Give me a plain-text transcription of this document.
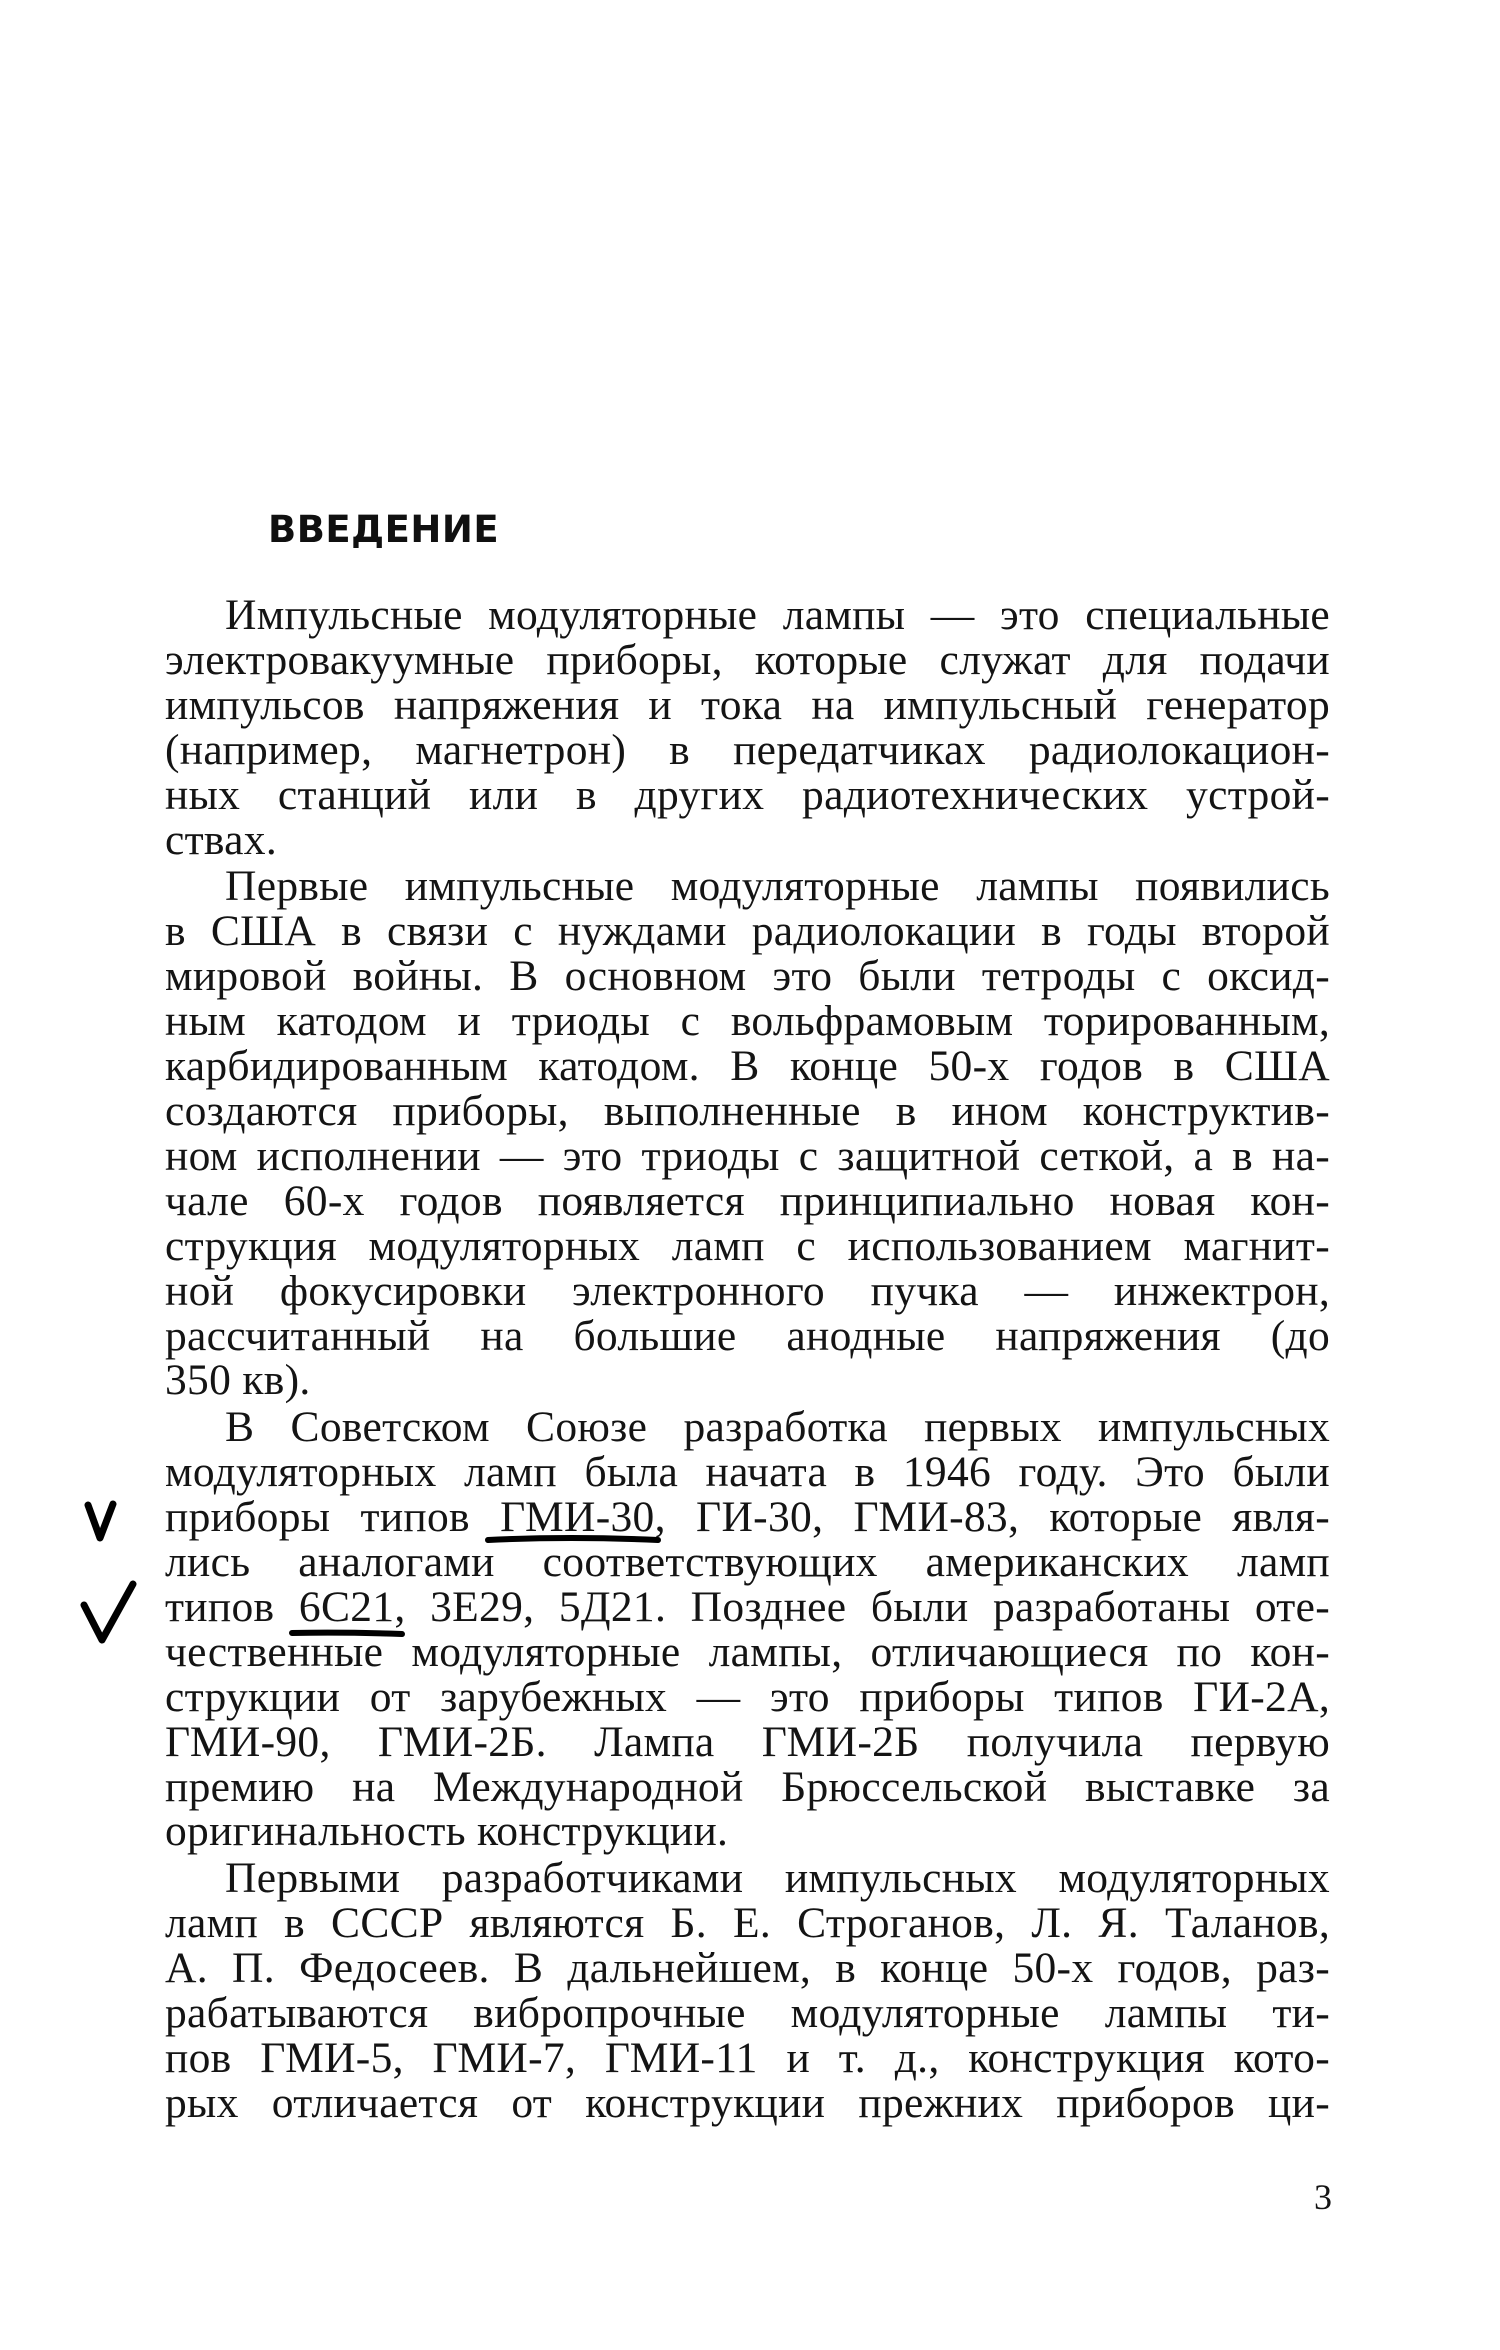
ВВЕДЕНИЕ

Импульсные модуляторные лампы — это специальные
электровакуумные приборы, которые служат для подачи
импульсов напряжения и тока на импульсный генератор
(например, магнетрон) в передатчиках радиолокацион-
ных станций или в других радиотехнических устрой-
ствах.

Первые импульсные модуляторные лампы появились
в США в связи с нуждами радиолокации в годы второй
мировой войны. В основном это были тетроды с оксид-
ным катодом и триоды с вольфрамовым торированным,
карбидированным катодом. В конце 50-х годов в США
создаются приборы, выполненные в ином конструктив-
ном исполнении — это триоды с защитной сеткой, а в на-
чале 60-х годов появляется принципиально новая кон-
струкция модуляторных ламп с использованием магнит-
ной фокусировки электронного пучка — инжектрон,
рассчитанный на большие анодные напряжения (до
350 кв).

В Советском Союзе разработка первых импульсных
модуляторных ламп была начата в 1946 году. Это были
приборы типов ГМИ-30, ГИ-30, ГМИ-83, которые явля-
лись аналогами соответствующих американских ламп
типов 6С21, 3Е29, 5Д21. Позднее были разработаны оте-
чественные модуляторные лампы, отличающиеся по кон-
струкции от зарубежных — это приборы типов ГИ-2А,
ГМИ-90, ГМИ-2Б. Лампа ГМИ-2Б получила первую
премию на Международной Брюссельской выставке за
оригинальность конструкции.

Первыми разработчиками импульсных модуляторных
ламп в СССР являются Б. Е. Строганов, Л. Я. Таланов,
А. П. Федосеев. В дальнейшем, в конце 50-х годов, раз-
рабатываются вибропрочные модуляторные лампы ти-
пов ГМИ-5, ГМИ-7, ГМИ-11 и т. д., конструкция кото-
рых отличается от конструкции прежних приборов ци-

3
